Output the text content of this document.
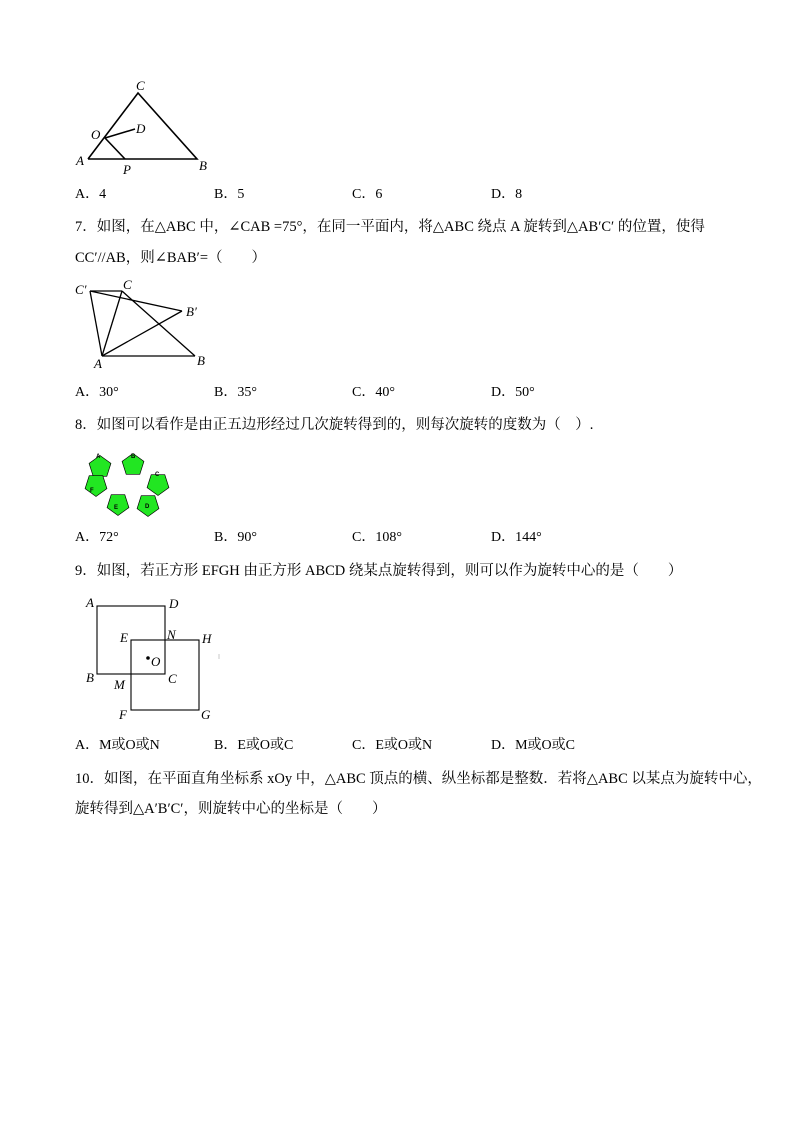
C
O	D
A
P	B
A．4	B．5	C．6	D．8
7．如图，在△ABC 中，∠CAB =75°，在同一平面内，将△ABC 绕点 A 旋转到△AB′C′ 的位置，使得
CC′//AB，则∠BAB′=（　　）
C′	C
B′
A	B
A．30°	B．35°	C．40°	D．50°
8．如图可以看作是由正五边形经过几次旋转得到的，则每次旋转的度数为（　）.
A	B
C
D
E
F
A．72°	B．90°	C．108°	D．144°
9．如图，若正方形 EFGH 由正方形 ABCD 绕某点旋转得到，则可以作为旋转中心的是（　　）
A	D
E	N H
O
B M	C
F	G
A．M或O或N	B．E或O或C	C．E或O或N	D．M或O或C
10．如图，在平面直角坐标系 xOy 中，△ABC 顶点的横、纵坐标都是整数．若将△ABC 以某点为旋转中心，
旋转得到△A′B′C′，则旋转中心的坐标是（　　）
